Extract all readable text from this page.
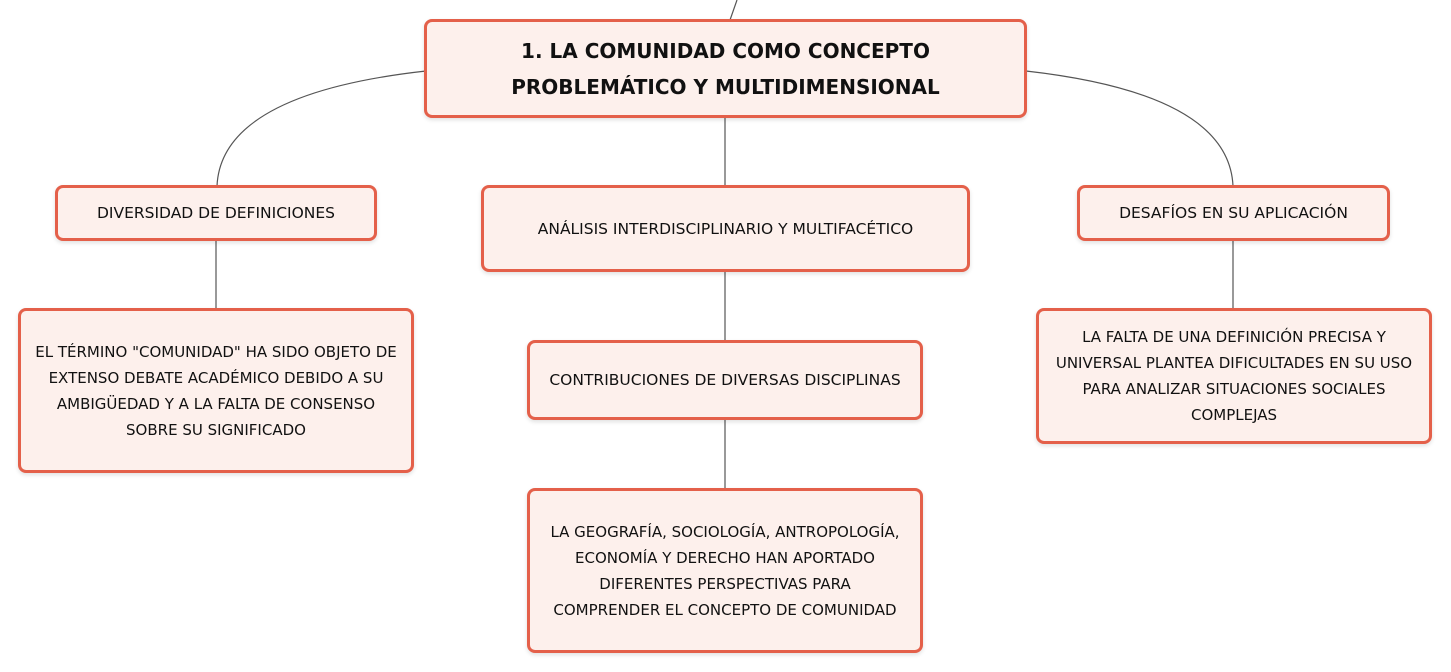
1. LA COMUNIDAD COMO CONCEPTO PROBLEMÁTICO Y MULTIDIMENSIONAL
DIVERSIDAD DE DEFINICIONES
ANÁLISIS INTERDISCIPLINARIO Y MULTIFACÉTICO
DESAFÍOS EN SU APLICACIÓN
EL TÉRMINO "COMUNIDAD" HA SIDO OBJETO DE EXTENSO DEBATE ACADÉMICO DEBIDO A SU AMBIGÜEDAD Y A LA FALTA DE CONSENSO SOBRE SU SIGNIFICADO
CONTRIBUCIONES DE DIVERSAS DISCIPLINAS
LA GEOGRAFÍA, SOCIOLOGÍA, ANTROPOLOGÍA, ECONOMÍA Y DERECHO HAN APORTADO DIFERENTES PERSPECTIVAS PARA COMPRENDER EL CONCEPTO DE COMUNIDAD
LA FALTA DE UNA DEFINICIÓN PRECISA Y UNIVERSAL PLANTEA DIFICULTADES EN SU USO PARA ANALIZAR SITUACIONES SOCIALES COMPLEJAS
